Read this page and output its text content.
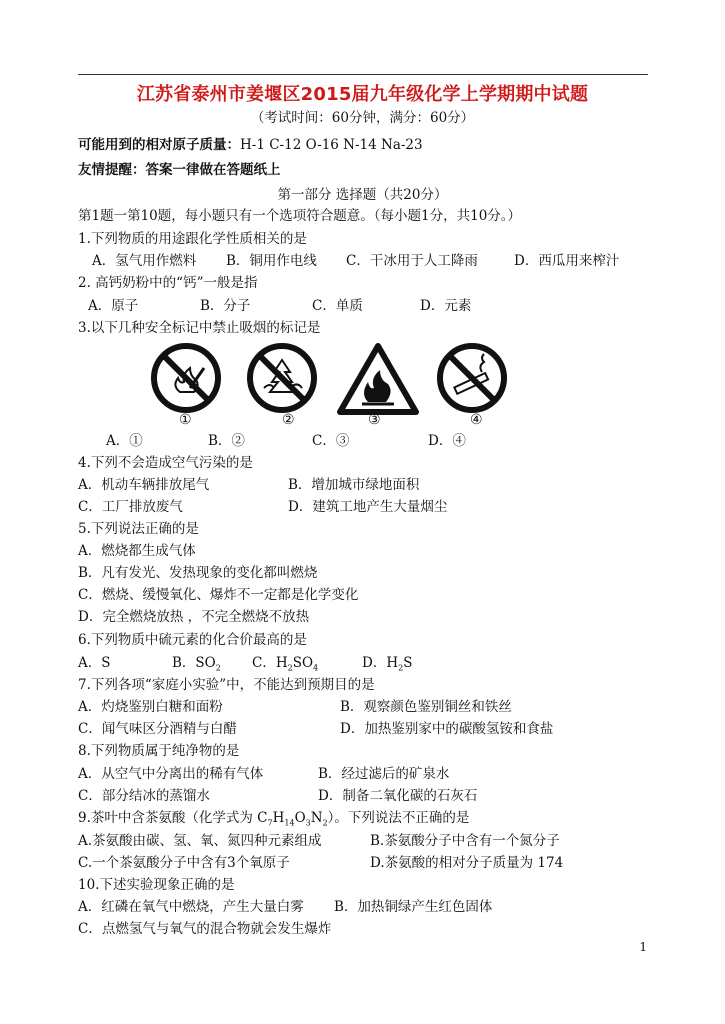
江苏省泰州市姜堰区2015届九年级化学上学期期中试题
（考试时间：60分钟，满分：60分）
可能用到的相对原子质量：H-1 C-12 O-16 N-14 Na-23
友情提醒：答案一律做在答题纸上
第一部分 选择题（共20分）
第1题一第10题，每小题只有一个选项符合题意。（每小题1分，共10分。）
1.下列物质的用途跟化学性质相关的是
A．氢气用作燃料 B．铜用作电线 C．干冰用于人工降雨	D．西瓜用来榨汁
2. 高钙奶粉中的“钙”一般是指
A．原子	B．分子	C．单质	D．元素
3.以下几种安全标记中禁止吸烟的标记是
①	②	③	④
A．①	B．②	C．③	D．④
4.下列不会造成空气污染的是
A．机动车辆排放尾气	B．增加城市绿地面积
C．工厂排放废气	D．建筑工地产生大量烟尘
5.下列说法正确的是
A．燃烧都生成气体
B．凡有发光、发热现象的变化都叫燃烧
C．燃烧、缓慢氧化、爆炸不一定都是化学变化
D．完全燃烧放热 ，不完全燃烧不放热
6.下列物质中硫元素的化合价最高的是
A．S	B．$SO_2$ C．$H_2SO_4$	D．$H_2S$
7.下列各项“家庭小实验”中，不能达到预期目的是
A．灼烧鉴别白糖和面粉	B．观察颜色鉴别铜丝和铁丝
C．闻气味区分酒精与白醋	D．加热鉴别家中的碳酸氢铵和食盐
8.下列物质属于纯净物的是
A．从空气中分离出的稀有气体	B．经过滤后的矿泉水
C．部分结冰的蒸馏水	D．制备二氧化碳的石灰石
9.茶叶中含茶氨酸（化学式为 $C_7H_{14}O_3N_2$）。下列说法不正确的是
A.茶氨酸由碳、氢、氧、氮四种元素组成	B.茶氨酸分子中含有一个氮分子
C.一个茶氨酸分子中含有3个氧原子	D.茶氨酸的相对分子质量为 174
10.下述实验现象正确的是
A．红磷在氧气中燃烧，产生大量白雾 B．加热铜绿产生红色固体
C．点燃氢气与氧气的混合物就会发生爆炸
1
